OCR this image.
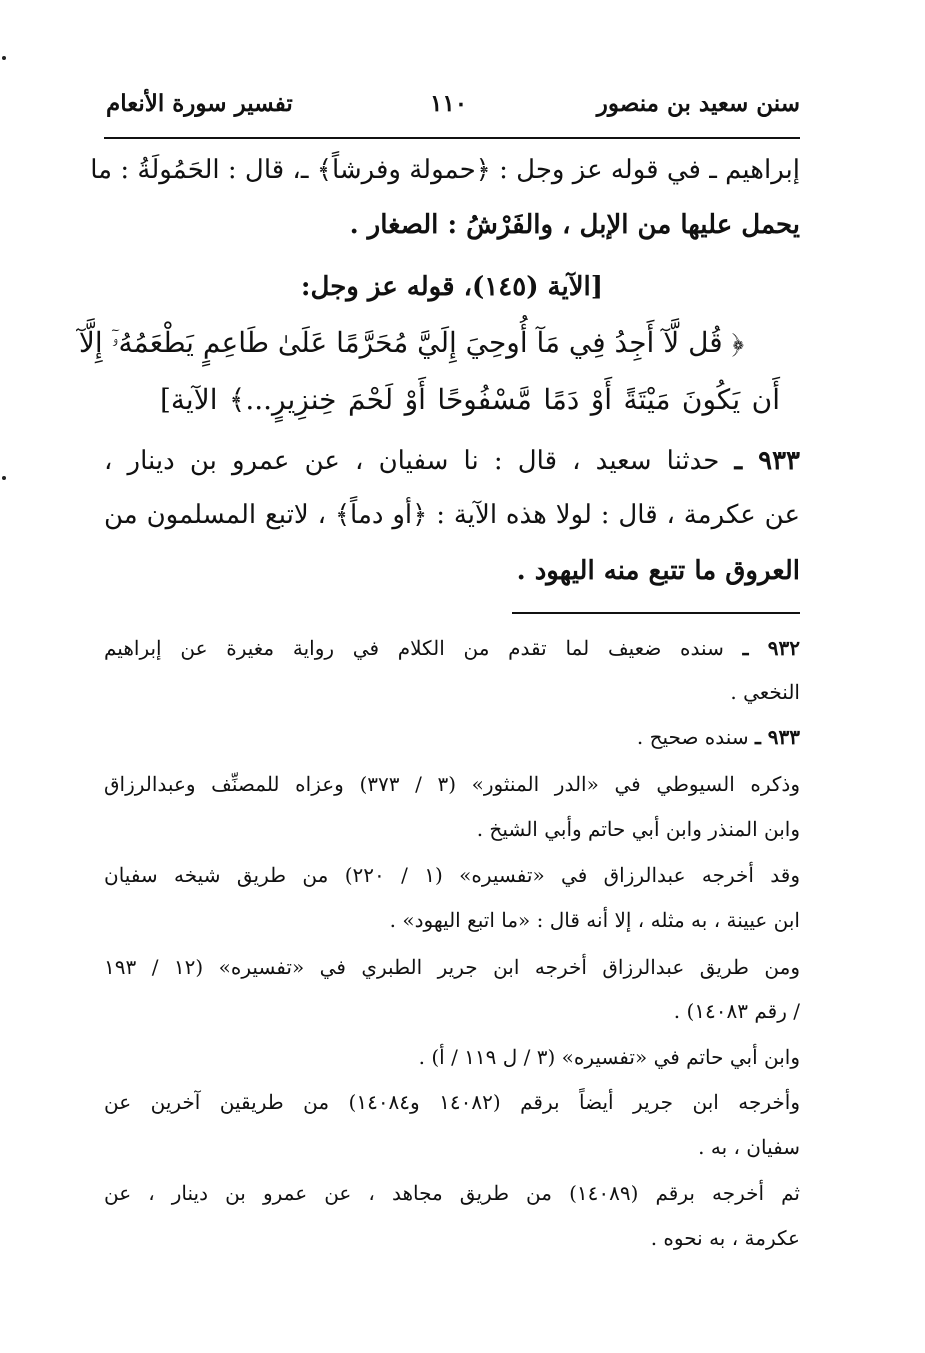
سنن سعيد بن منصور
١١٠
تفسير سورة الأنعام
إبراهيم ـ في قوله عز وجل : ﴿حمولة وفرشاً﴾ ـ، قال : الحَمُولَةُ : ما
يحمل عليها من الإبل ، والفَرْشُ : الصغار .
[الآية (١٤٥)، قوله عز وجل:
﴿ قُل لَّآ أَجِدُ فِي مَآ أُوحِيَ إِلَيَّ مُحَرَّمًا عَلَىٰ طَاعِمٍ يَطْعَمُهُۥٓ إِلَّآ
أَن يَكُونَ مَيْتَةً أَوْ دَمًا مَّسْفُوحًا أَوْ لَحْمَ خِنزِيرٍ...﴾ الآية]
٩٣٣ ـ حدثنا سعيد ، قال : نا سفيان ، عن عمرو بن دينار ،
عن عكرمة ، قال : لولا هذه الآية : ﴿أو دماً﴾ ، لاتبع المسلمون من
العروق ما تتبع منه اليهود .
٩٣٢ ـ سنده ضعيف لما تقدم من الكلام في رواية مغيرة عن إبراهيم
النخعي .
٩٣٣ ـ سنده صحيح .
وذكره السيوطي في «الدر المنثور» (٣ / ٣٧٣) وعزاه للمصنِّف وعبدالرزاق
وابن المنذر وابن أبي حاتم وأبي الشيخ .
وقد أخرجه عبدالرزاق في «تفسيره» (١ / ٢٢٠) من طريق شيخه سفيان
ابن عيينة ، به مثله ، إلا أنه قال : «ما اتبع اليهود» .
ومن طريق عبدالرزاق أخرجه ابن جرير الطبري في «تفسيره» (١٢ / ١٩٣
/ رقم ١٤٠٨٣) .
وابن أبي حاتم في «تفسيره» (٣ / ل ١١٩ / أ) .
وأخرجه ابن جرير أيضاً برقم (١٤٠٨٢ و١٤٠٨٤) من طريقين آخرين عن
سفيان ، به .
ثم أخرجه برقم (١٤٠٨٩) من طريق مجاهد ، عن عمرو بن دينار ، عن
عكرمة ، به نحوه .
